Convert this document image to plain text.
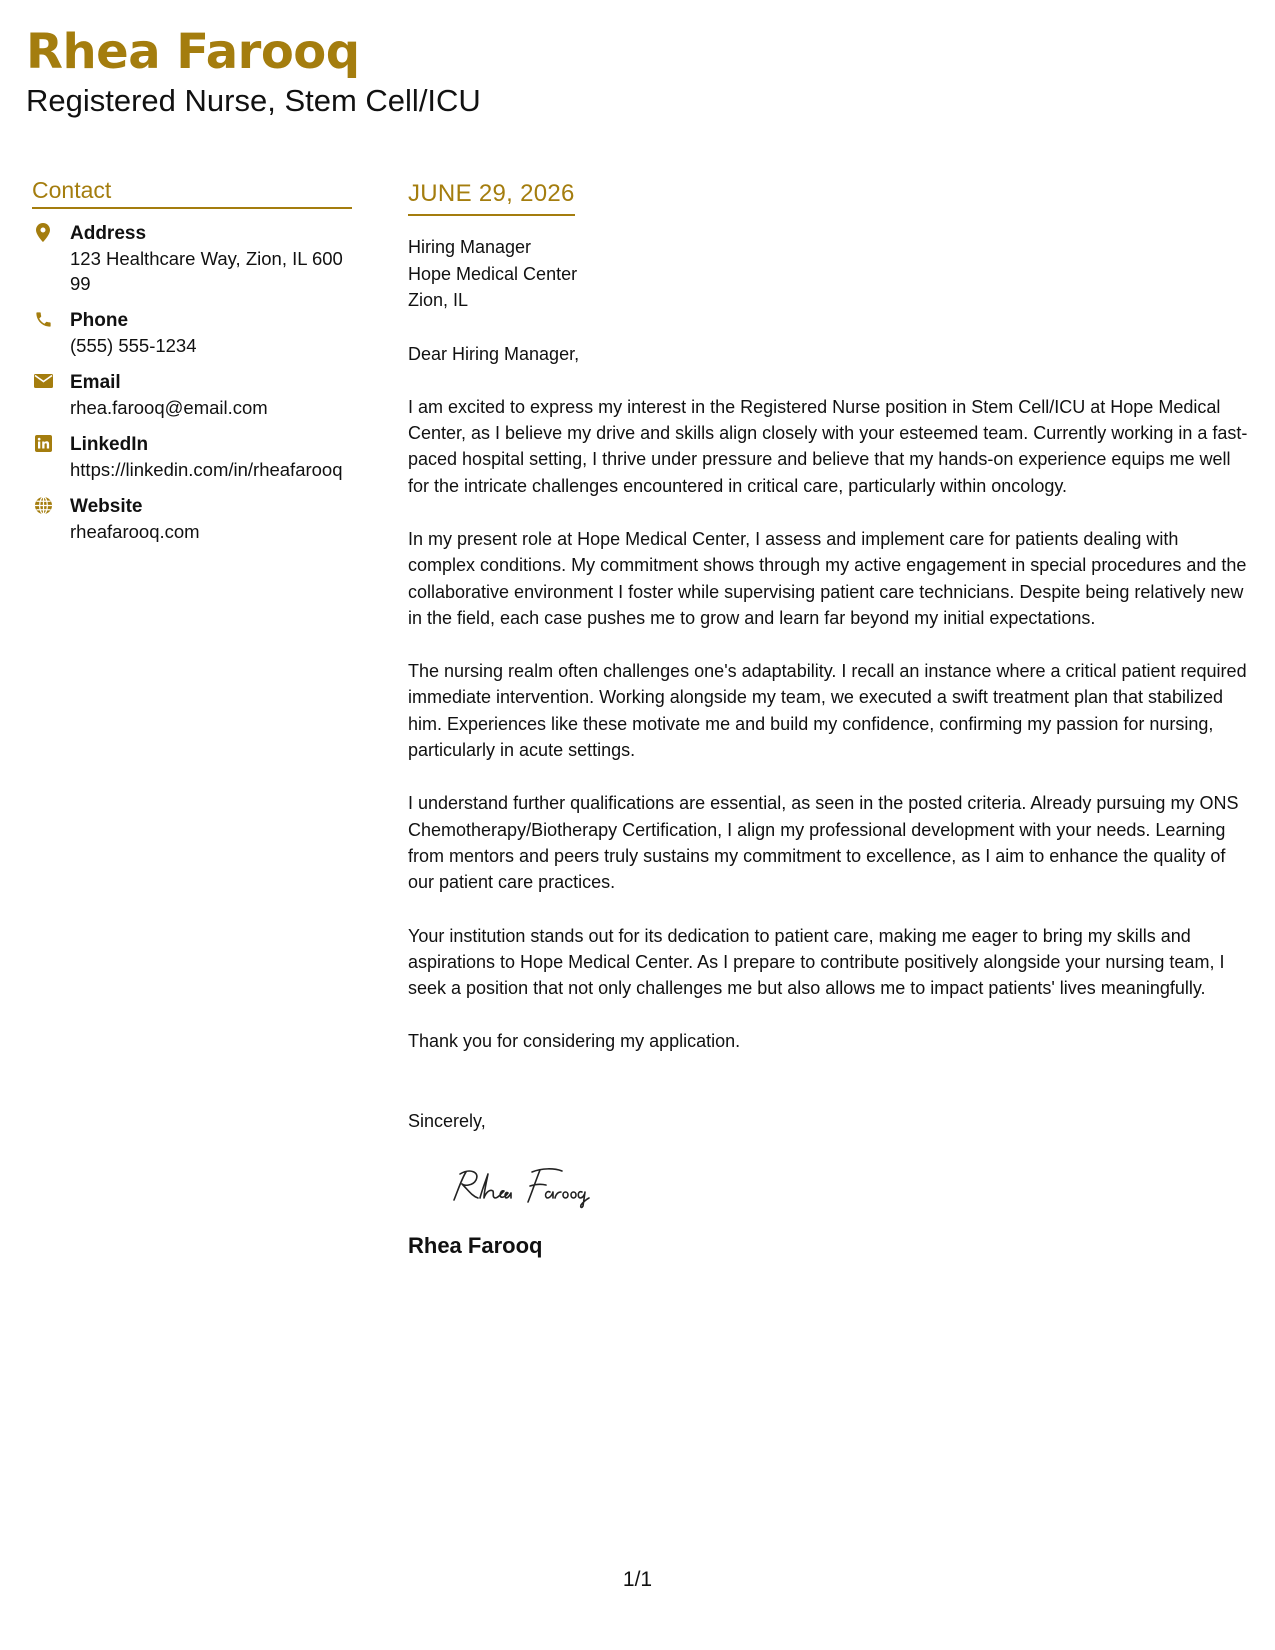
Rhea Farooq
Registered Nurse, Stem Cell/ICU
Contact
Address
123 Healthcare Way, Zion, IL 60099
Phone
(555) 555-1234
Email
rhea.farooq@email.com
LinkedIn
https://linkedin.com/in/rheafarooq
Website
rheafarooq.com
JUNE 29, 2026
Hiring Manager
Hope Medical Center
Zion, IL
Dear Hiring Manager,
I am excited to express my interest in the Registered Nurse position in Stem Cell/ICU at Hope Medical Center, as I believe my drive and skills align closely with your esteemed team. Currently working in a fast-paced hospital setting, I thrive under pressure and believe that my hands-on experience equips me well for the intricate challenges encountered in critical care, particularly within oncology.
In my present role at Hope Medical Center, I assess and implement care for patients dealing with complex conditions. My commitment shows through my active engagement in special procedures and the collaborative environment I foster while supervising patient care technicians. Despite being relatively new in the field, each case pushes me to grow and learn far beyond my initial expectations.
The nursing realm often challenges one's adaptability. I recall an instance where a critical patient required immediate intervention. Working alongside my team, we executed a swift treatment plan that stabilized him. Experiences like these motivate me and build my confidence, confirming my passion for nursing, particularly in acute settings.
I understand further qualifications are essential, as seen in the posted criteria. Already pursuing my ONS Chemotherapy/Biotherapy Certification, I align my professional development with your needs. Learning from mentors and peers truly sustains my commitment to excellence, as I aim to enhance the quality of our patient care practices.
Your institution stands out for its dedication to patient care, making me eager to bring my skills and aspirations to Hope Medical Center. As I prepare to contribute positively alongside your nursing team, I seek a position that not only challenges me but also allows me to impact patients' lives meaningfully.
Thank you for considering my application.
Sincerely,
Rhea Farooq
1/1
